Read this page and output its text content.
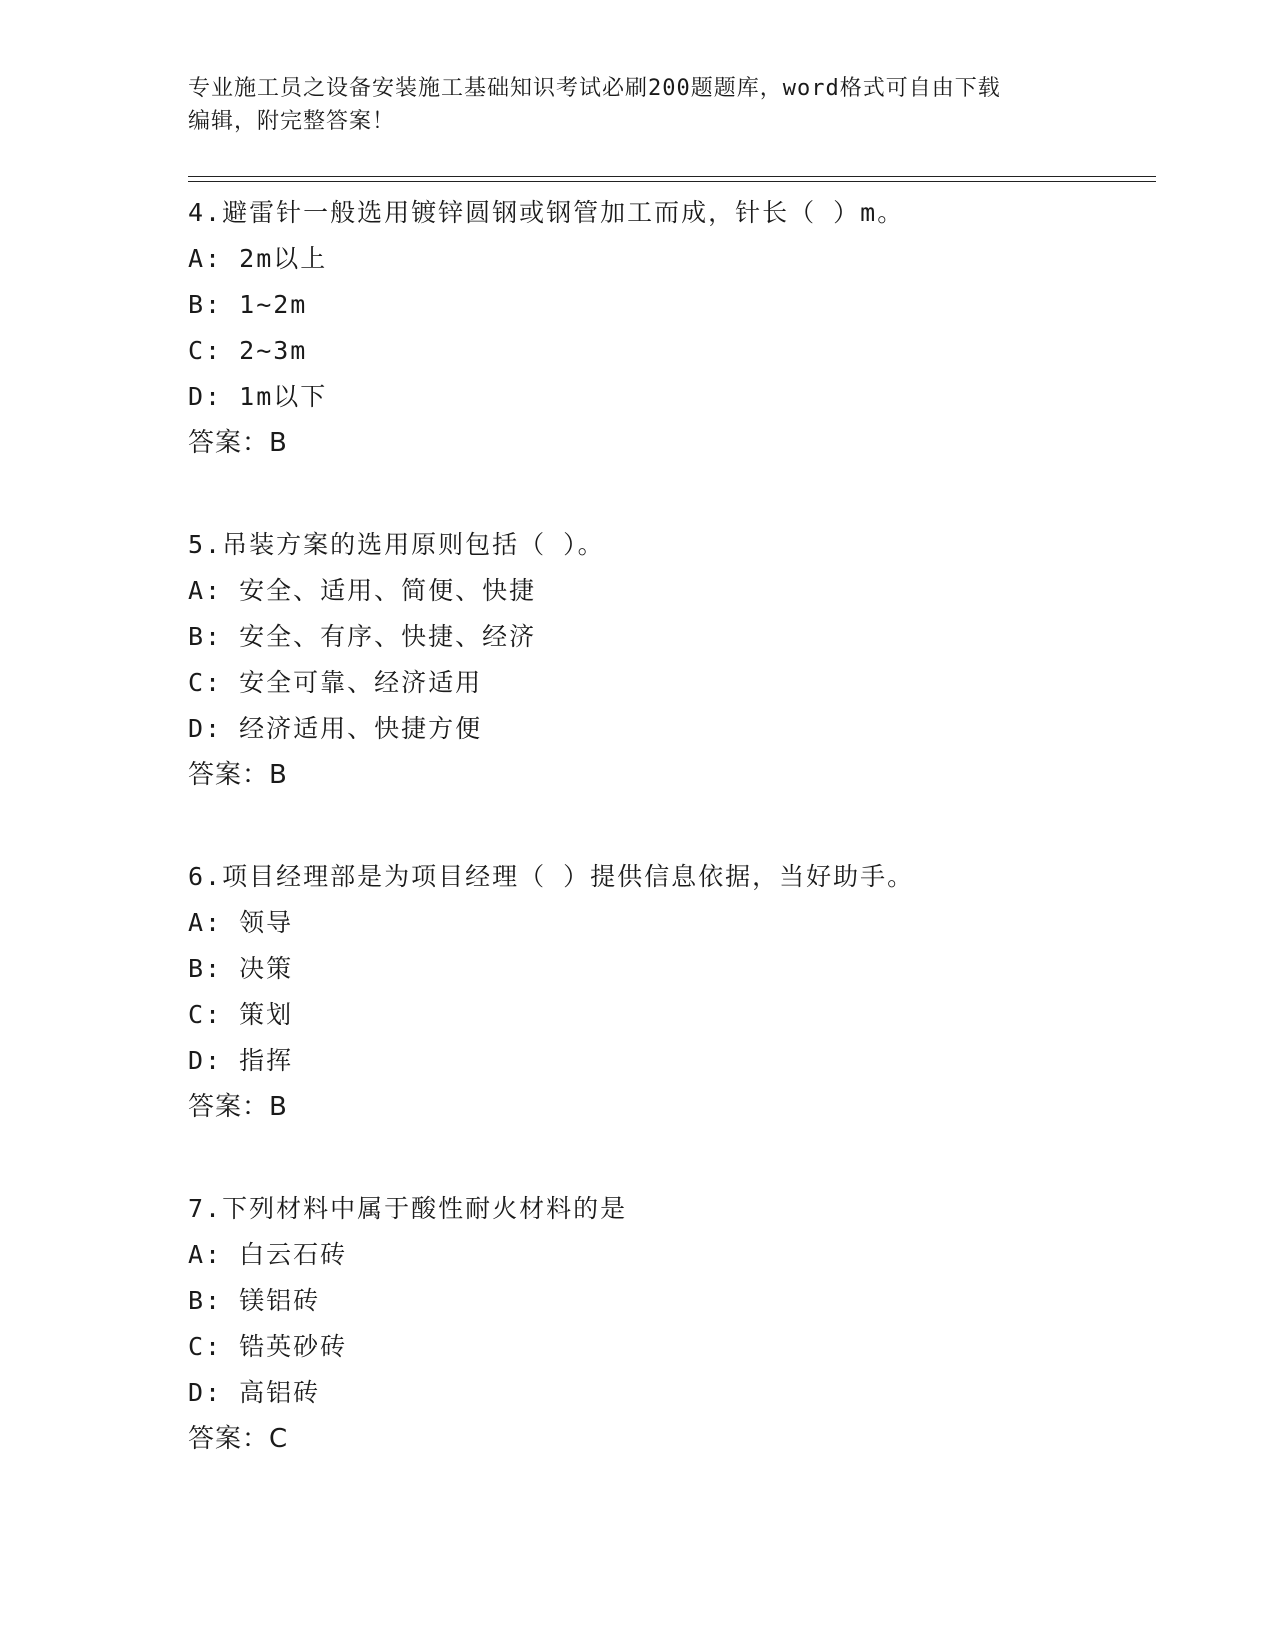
专业施工员之设备安装施工基础知识考试必刷200题题库，word格式可自由下载
编辑，附完整答案！
4.避雷针一般选用镀锌圆钢或钢管加工而成，针长（ ）m。
A: 2m以上
B: 1~2m
C: 2~3m
D: 1m以下
答案：B
5.吊装方案的选用原则包括（ ）。
A: 安全、适用、简便、快捷
B: 安全、有序、快捷、经济
C: 安全可靠、经济适用
D: 经济适用、快捷方便
答案：B
6.项目经理部是为项目经理（ ）提供信息依据，当好助手。
A: 领导
B: 决策
C: 策划
D: 指挥
答案：B
7.下列材料中属于酸性耐火材料的是
A: 白云石砖
B: 镁铝砖
C: 锆英砂砖
D: 高铝砖
答案：C
